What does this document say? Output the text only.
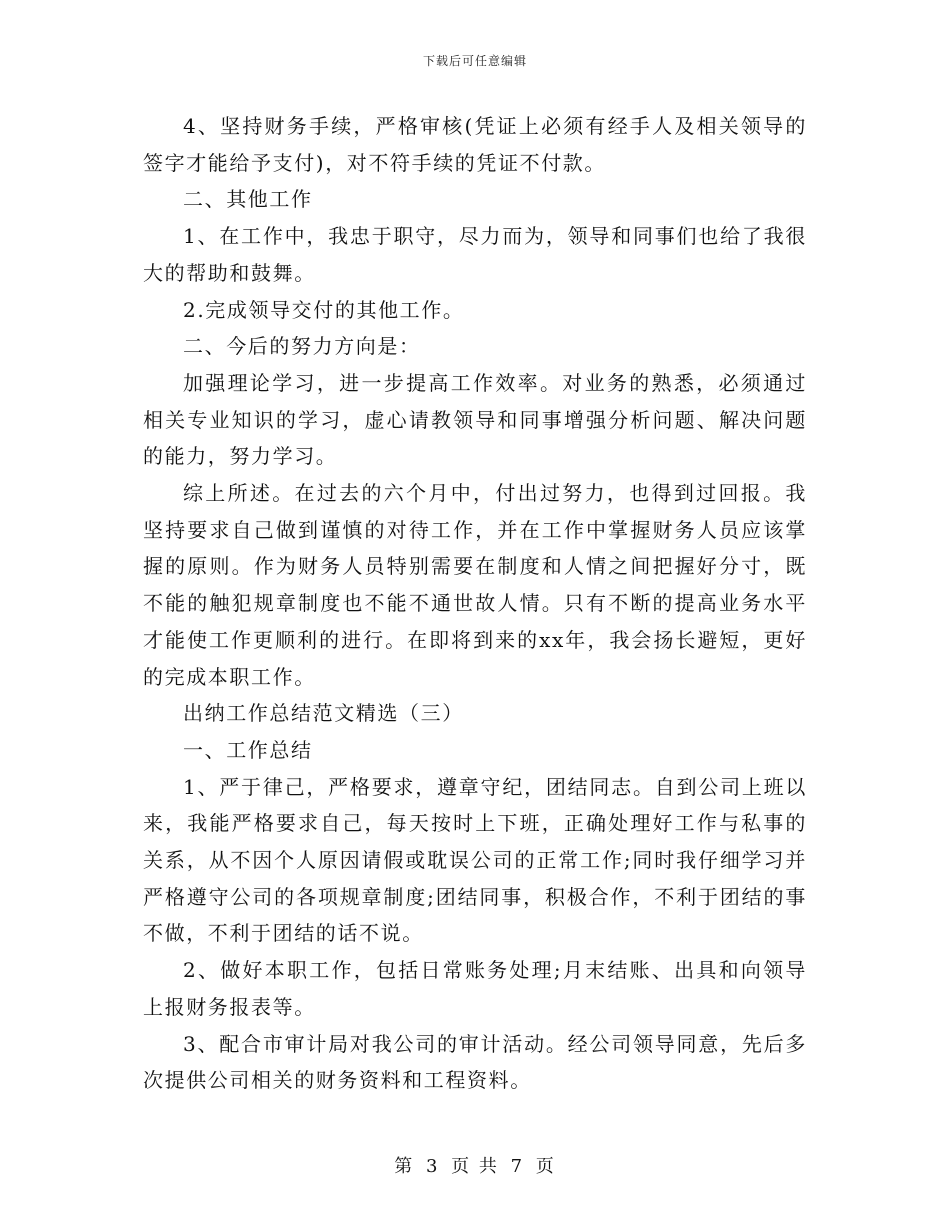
下载后可任意编辑

4、坚持财务手续，严格审核(凭证上必须有经手人及相关领导的签字才能给予支付)，对不符手续的凭证不付款。

二、其他工作

1、在工作中，我忠于职守，尽力而为，领导和同事们也给了我很大的帮助和鼓舞。

2.完成领导交付的其他工作。

二、今后的努力方向是：

加强理论学习，进一步提高工作效率。对业务的熟悉，必须通过相关专业知识的学习，虚心请教领导和同事增强分析问题、解决问题的能力，努力学习。

综上所述。在过去的六个月中，付出过努力，也得到过回报。我坚持要求自己做到谨慎的对待工作，并在工作中掌握财务人员应该掌握的原则。作为财务人员特别需要在制度和人情之间把握好分寸，既不能的触犯规章制度也不能不通世故人情。只有不断的提高业务水平才能使工作更顺利的进行。在即将到来的xx年，我会扬长避短，更好的完成本职工作。

出纳工作总结范文精选（三）

一、工作总结

1、严于律己，严格要求，遵章守纪，团结同志。自到公司上班以来，我能严格要求自己，每天按时上下班，正确处理好工作与私事的关系，从不因个人原因请假或耽误公司的正常工作;同时我仔细学习并严格遵守公司的各项规章制度;团结同事，积极合作，不利于团结的事不做，不利于团结的话不说。

2、做好本职工作，包括日常账务处理;月末结账、出具和向领导上报财务报表等。

3、配合市审计局对我公司的审计活动。经公司领导同意，先后多次提供公司相关的财务资料和工程资料。

第 3 页 共 7 页
